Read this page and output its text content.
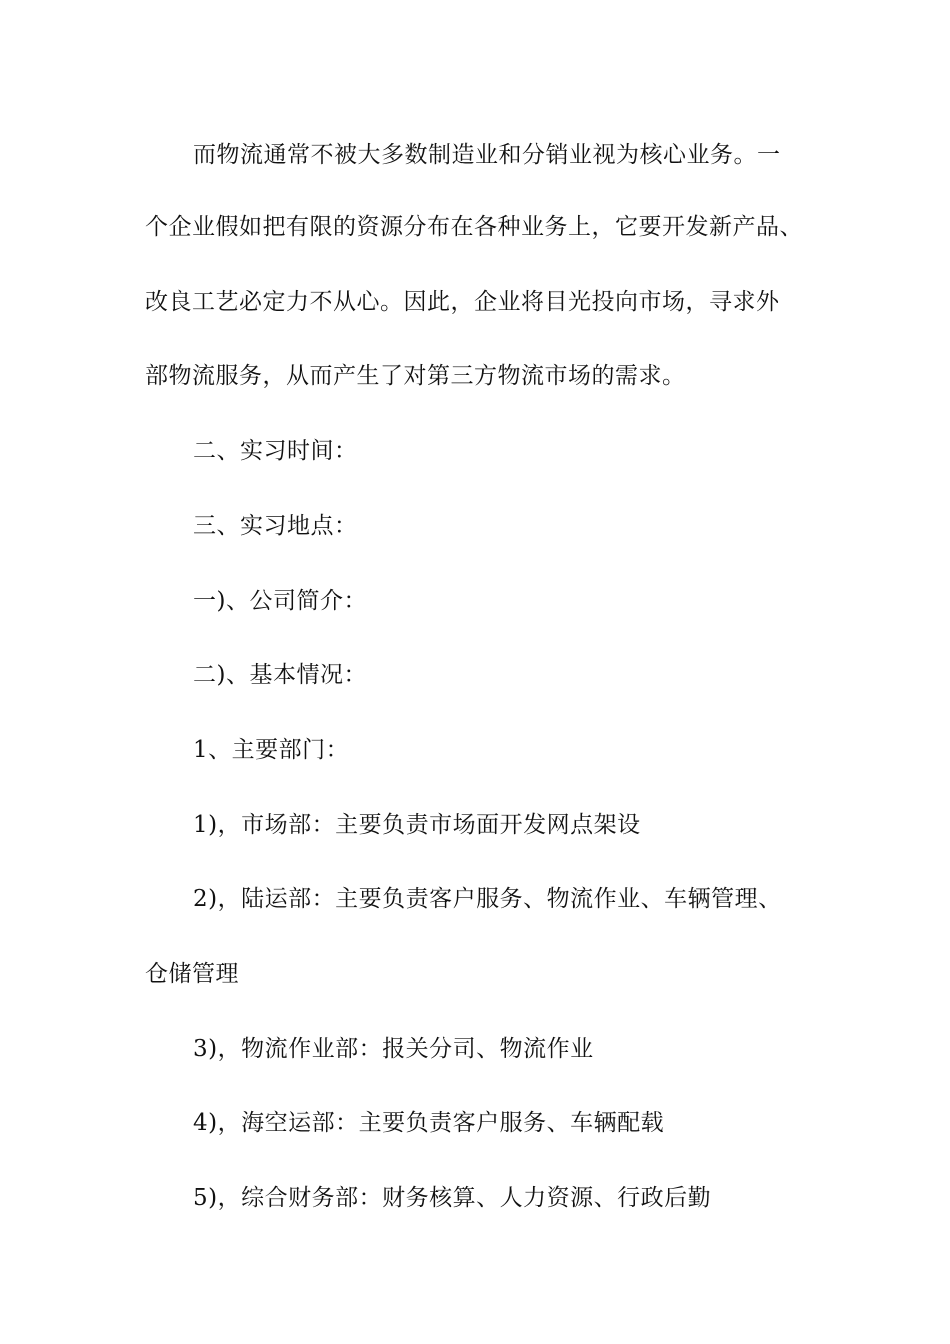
而物流通常不被大多数制造业和分销业视为核心业务。一
个企业假如把有限的资源分布在各种业务上，它要开发新产品、
改良工艺必定力不从心。因此，企业将目光投向市场，寻求外
部物流服务，从而产生了对第三方物流市场的需求。
二、实习时间：
三、实习地点：
一)、公司简介：
二)、基本情况：
1、主要部门：
1)，市场部：主要负责市场面开发网点架设
2)，陆运部：主要负责客户服务、物流作业、车辆管理、
仓储管理
3)，物流作业部：报关分司、物流作业
4)，海空运部：主要负责客户服务、车辆配载
5)，综合财务部：财务核算、人力资源、行政后勤
